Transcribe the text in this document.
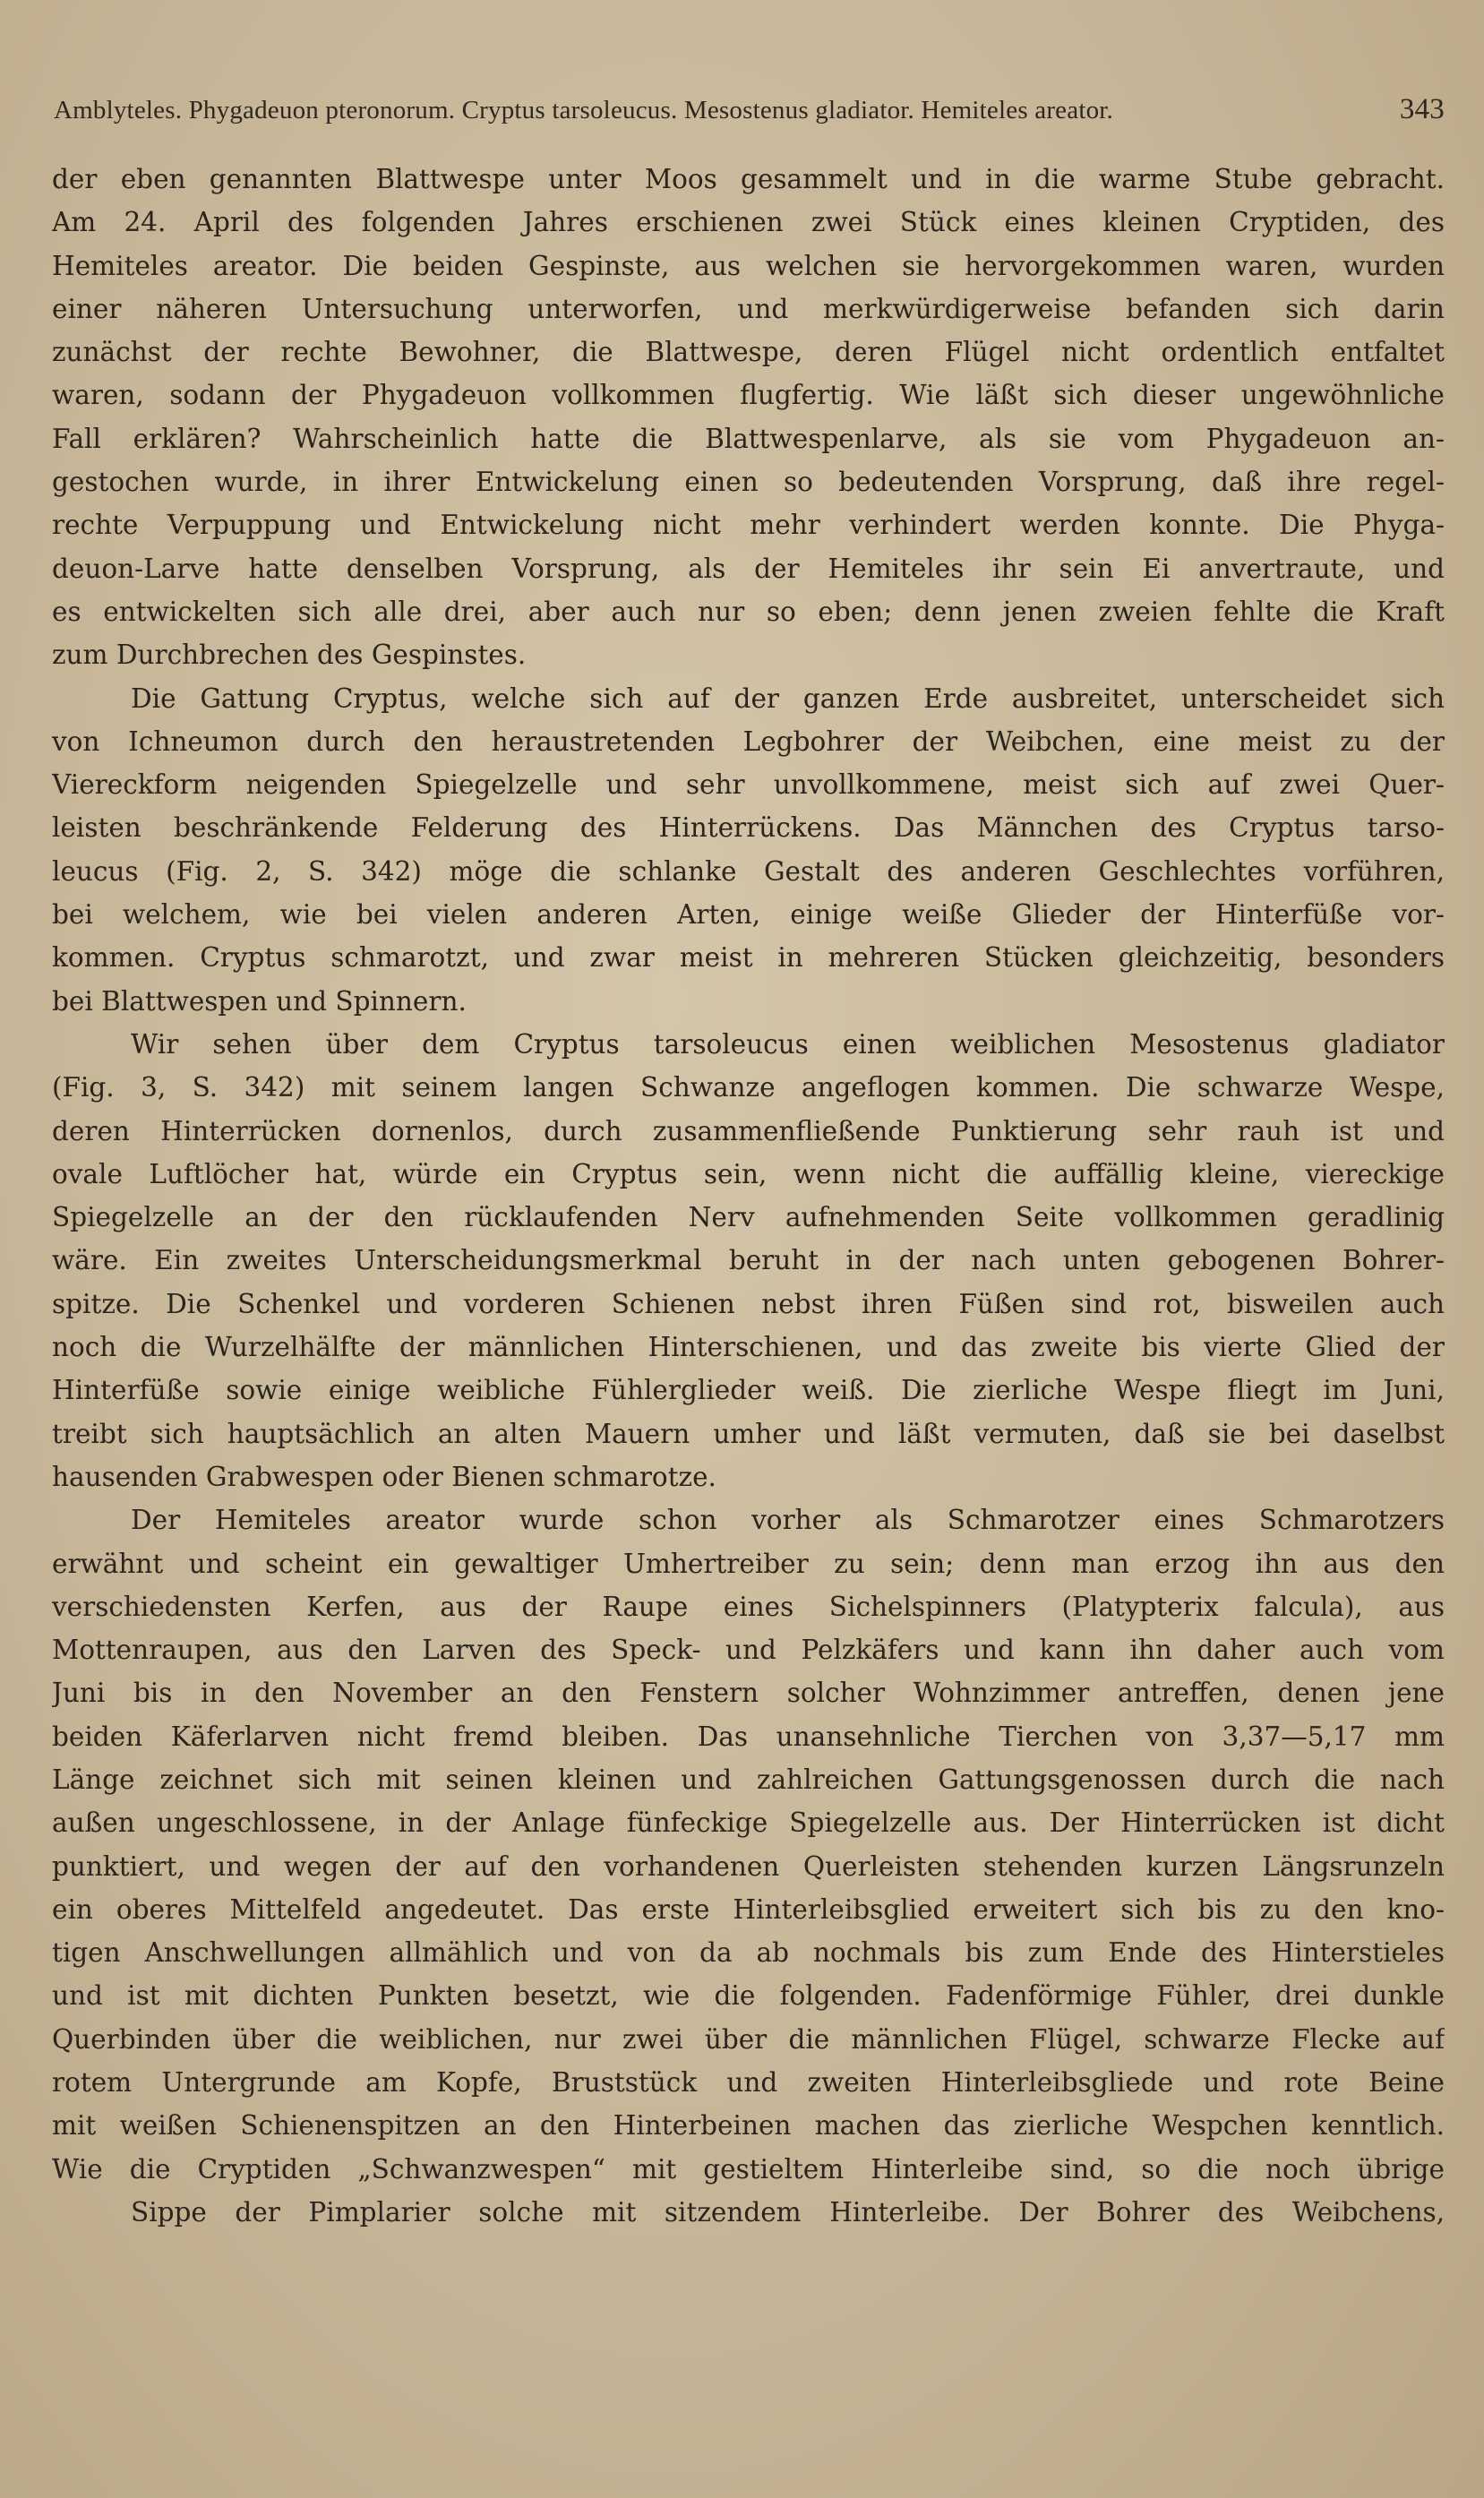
Amblyteles. Phygadeuon pteronorum. Cryptus tarsoleucus. Mesostenus gladiator. Hemiteles areator.	343
der eben genannten Blattwespe unter Moos gesammelt und in die warme Stube gebracht.
Am 24. April des folgenden Jahres erschienen zwei Stück eines kleinen Cryptiden, des
Hemiteles areator. Die beiden Gespinste, aus welchen sie hervorgekommen waren, wurden
einer näheren Untersuchung unterworfen, und merkwürdigerweise befanden sich darin
zunächst der rechte Bewohner, die Blattwespe, deren Flügel nicht ordentlich entfaltet
waren, sodann der Phygadeuon vollkommen flugfertig. Wie läßt sich dieser ungewöhnliche
Fall erklären? Wahrscheinlich hatte die Blattwespenlarve, als sie vom Phygadeuon an-
gestochen wurde, in ihrer Entwickelung einen so bedeutenden Vorsprung, daß ihre regel-
rechte Verpuppung und Entwickelung nicht mehr verhindert werden konnte. Die Phyga-
deuon-Larve hatte denselben Vorsprung, als der Hemiteles ihr sein Ei anvertraute, und
es entwickelten sich alle drei, aber auch nur so eben; denn jenen zweien fehlte die Kraft
zum Durchbrechen des Gespinstes.
Die Gattung Cryptus, welche sich auf der ganzen Erde ausbreitet, unterscheidet sich
von Ichneumon durch den heraustretenden Legbohrer der Weibchen, eine meist zu der
Viereckform neigenden Spiegelzelle und sehr unvollkommene, meist sich auf zwei Quer-
leisten beschränkende Felderung des Hinterrückens. Das Männchen des Cryptus tarso-
leucus (Fig. 2, S. 342) möge die schlanke Gestalt des anderen Geschlechtes vorführen,
bei welchem, wie bei vielen anderen Arten, einige weiße Glieder der Hinterfüße vor-
kommen. Cryptus schmarotzt, und zwar meist in mehreren Stücken gleichzeitig, besonders
bei Blattwespen und Spinnern.
Wir sehen über dem Cryptus tarsoleucus einen weiblichen Mesostenus gladiator
(Fig. 3, S. 342) mit seinem langen Schwanze angeflogen kommen. Die schwarze Wespe,
deren Hinterrücken dornenlos, durch zusammenfließende Punktierung sehr rauh ist und
ovale Luftlöcher hat, würde ein Cryptus sein, wenn nicht die auffällig kleine, viereckige
Spiegelzelle an der den rücklaufenden Nerv aufnehmenden Seite vollkommen geradlinig
wäre. Ein zweites Unterscheidungsmerkmal beruht in der nach unten gebogenen Bohrer-
spitze. Die Schenkel und vorderen Schienen nebst ihren Füßen sind rot, bisweilen auch
noch die Wurzelhälfte der männlichen Hinterschienen, und das zweite bis vierte Glied der
Hinterfüße sowie einige weibliche Fühlerglieder weiß. Die zierliche Wespe fliegt im Juni,
treibt sich hauptsächlich an alten Mauern umher und läßt vermuten, daß sie bei daselbst
hausenden Grabwespen oder Bienen schmarotze.
Der Hemiteles areator wurde schon vorher als Schmarotzer eines Schmarotzers
erwähnt und scheint ein gewaltiger Umhertreiber zu sein; denn man erzog ihn aus den
verschiedensten Kerfen, aus der Raupe eines Sichelspinners (Platypterix falcula), aus
Mottenraupen, aus den Larven des Speck- und Pelzkäfers und kann ihn daher auch vom
Juni bis in den November an den Fenstern solcher Wohnzimmer antreffen, denen jene
beiden Käferlarven nicht fremd bleiben. Das unansehnliche Tierchen von 3,37—5,17 mm
Länge zeichnet sich mit seinen kleinen und zahlreichen Gattungsgenossen durch die nach
außen ungeschlossene, in der Anlage fünfeckige Spiegelzelle aus. Der Hinterrücken ist dicht
punktiert, und wegen der auf den vorhandenen Querleisten stehenden kurzen Längsrunzeln
ein oberes Mittelfeld angedeutet. Das erste Hinterleibsglied erweitert sich bis zu den kno-
tigen Anschwellungen allmählich und von da ab nochmals bis zum Ende des Hinterstieles
und ist mit dichten Punkten besetzt, wie die folgenden. Fadenförmige Fühler, drei dunkle
Querbinden über die weiblichen, nur zwei über die männlichen Flügel, schwarze Flecke auf
rotem Untergrunde am Kopfe, Bruststück und zweiten Hinterleibsgliede und rote Beine
mit weißen Schienenspitzen an den Hinterbeinen machen das zierliche Wespchen kenntlich.
Wie die Cryptiden „Schwanzwespen“ mit gestieltem Hinterleibe sind, so die noch übrige
Sippe der Pimplarier solche mit sitzendem Hinterleibe. Der Bohrer des Weibchens,
